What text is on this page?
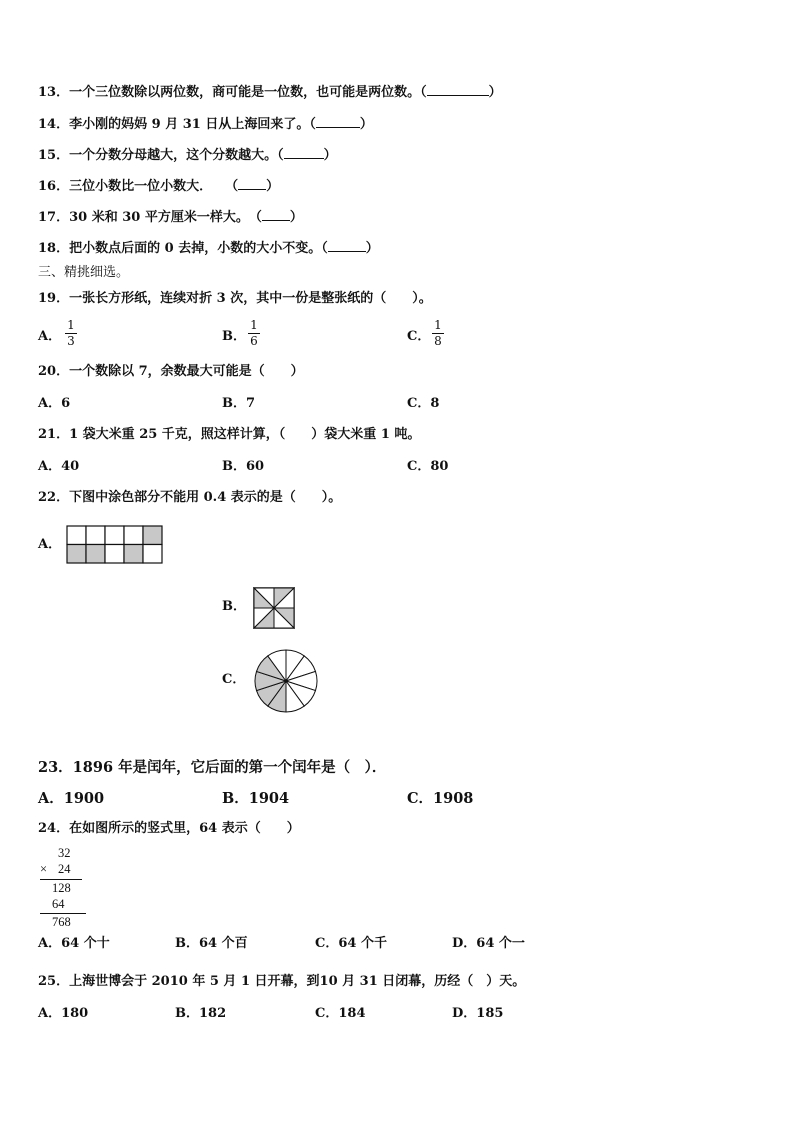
13．一个三位数除以两位数，商可能是一位数，也可能是两位数。（	）
14．李小刚的妈妈 9 月 31 日从上海回来了。（	）
15．一个分数分母越大，这个分数越大。（	）
16．三位小数比一位小数大．　　（ ）
17．30 米和 30 平方厘米一样大。　（ ）
18．把小数点后面的 0 去掉，小数的大小不变。（	）
三、精挑细选。
19．一张长方形纸，连续对折 3 次，其中一份是整张纸的（　　）。
A．
1
3	B．
1
6	C．
1
8
20．一个数除以 7，余数最大可能是（　　）
A．6	B．7	C．8
21．1 袋大米重 25 千克，照这样计算，（　　）袋大米重 1 吨。
A．40	B．60	C．80
22．下图中涂色部分不能用 0.4 表示的是（　　）。
A．
B．
C．
23．1896 年是闰年，它后面的第一个闰年是（　）．
A．1900	B．1904	C．1908
24．在如图所示的竖式里，64 表示（　　）
32
× 24
128
64
768
A．64 个十	B．64 个百	C．64 个千	D．64 个一
25．上海世博会于 2010 年 5 月 1 日开幕，到10 月 31 日闭幕，历经（　）天。
A．180	B．182	C．184	D．185
